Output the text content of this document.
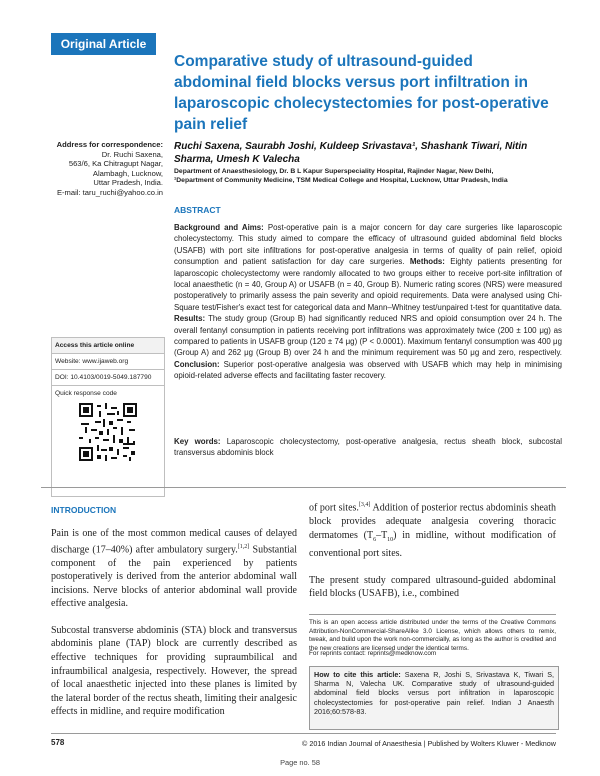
Original Article
Comparative study of ultrasound-guided abdominal field blocks versus port infiltration in laparoscopic cholecystectomies for post-operative pain relief
Address for correspondence:
Dr. Ruchi Saxena,
563/6, Ka Chitragupt Nagar,
Alambagh, Lucknow,
Uttar Pradesh, India.
E-mail: taru_ruchi@yahoo.co.in
Ruchi Saxena, Saurabh Joshi, Kuldeep Srivastava¹, Shashank Tiwari, Nitin Sharma, Umesh K Valecha
Department of Anaesthesiology, Dr. B L Kapur Superspeciality Hospital, Rajinder Nagar, New Delhi,
¹Department of Community Medicine, TSM Medical College and Hospital, Lucknow, Uttar Pradesh, India
ABSTRACT
Background and Aims: Post-operative pain is a major concern for day care surgeries like laparoscopic cholecystectomy. This study aimed to compare the efficacy of ultrasound guided abdominal field blocks (USAFB) with port site infiltrations for post-operative analgesia in terms of quality of pain relief, opioid consumption and patient satisfaction for day care surgeries. Methods: Eighty patients presenting for laparoscopic cholecystectomy were randomly allocated to two groups either to receive port-site infiltration of local anaesthetic (n = 40, Group A) or USAFB (n = 40, Group B). Numeric rating scores (NRS) were measured postoperatively to primarily assess the pain severity and opioid requirements. Data were analysed using Chi-Square test/Fisher's exact test for categorical data and Mann–Whitney test/unpaired t-test for quantitative data. Results: The study group (Group B) had significantly reduced NRS and opioid consumption over 24 h. The overall fentanyl consumption in patients receiving port infiltrations was approximately twice (200 ± 100 μg) as compared to patients in USAFB group (120 ± 74 μg) (P < 0.0001). Maximum fentanyl consumption was 400 μg (Group A) and 262 μg (Group B) over 24 h and the minimum requirement was 50 μg and zero, respectively. Conclusion: Superior post-operative analgesia was observed with USAFB which may help in minimising opioid-related adverse effects and facilitating faster recovery.
Key words: Laparoscopic cholecystectomy, post-operative analgesia, rectus sheath block, subcostal transversus abdominis block
Access this article online
Website: www.ijaweb.org
DOI: 10.4103/0019-5049.187790
Quick response code
INTRODUCTION

Pain is one of the most common medical causes of delayed discharge (17–40%) after ambulatory surgery.[1,2] Substantial component of the pain experienced by patients postoperatively is derived from the anterior abdominal wall incisions. Nerve blocks of anterior abdominal wall provide effective analgesia.

Subcostal transverse abdominis (STA) block and transversus abdominis plane (TAP) block are currently described as effective techniques for providing supraumbilical and infraumbilical analgesia, respectively. However, the spread of local anaesthetic injected into these planes is limited by the lateral border of the rectus sheath, limiting their analgesic effects in midline, and require modification

of port sites.[3,4] Addition of posterior rectus abdominis sheath block provides adequate analgesia covering thoracic dermatomes $(T_6-T_{10})$ in midline, without modification of conventional port sites.

The present study compared ultrasound-guided abdominal field blocks (USAFB), i.e., combined

This is an open access article distributed under the terms of the Creative Commons Attribution-NonCommercial-ShareAlike 3.0 License, which allows others to remix, tweak, and build upon the work non-commercially, as long as the author is credited and the new creations are licensed under the identical terms.
For reprints contact: reprints@medknow.com
How to cite this article: Saxena R, Joshi S, Srivastava K, Tiwari S, Sharma N, Valecha UK. Comparative study of ultrasound-guided abdominal field blocks versus port infiltration in laparoscopic cholecystectomies for post-operative pain relief. Indian J Anaesth 2016;60:578-83.
578	© 2016 Indian Journal of Anaesthesia | Published by Wolters Kluwer - Medknow
Page no. 58
